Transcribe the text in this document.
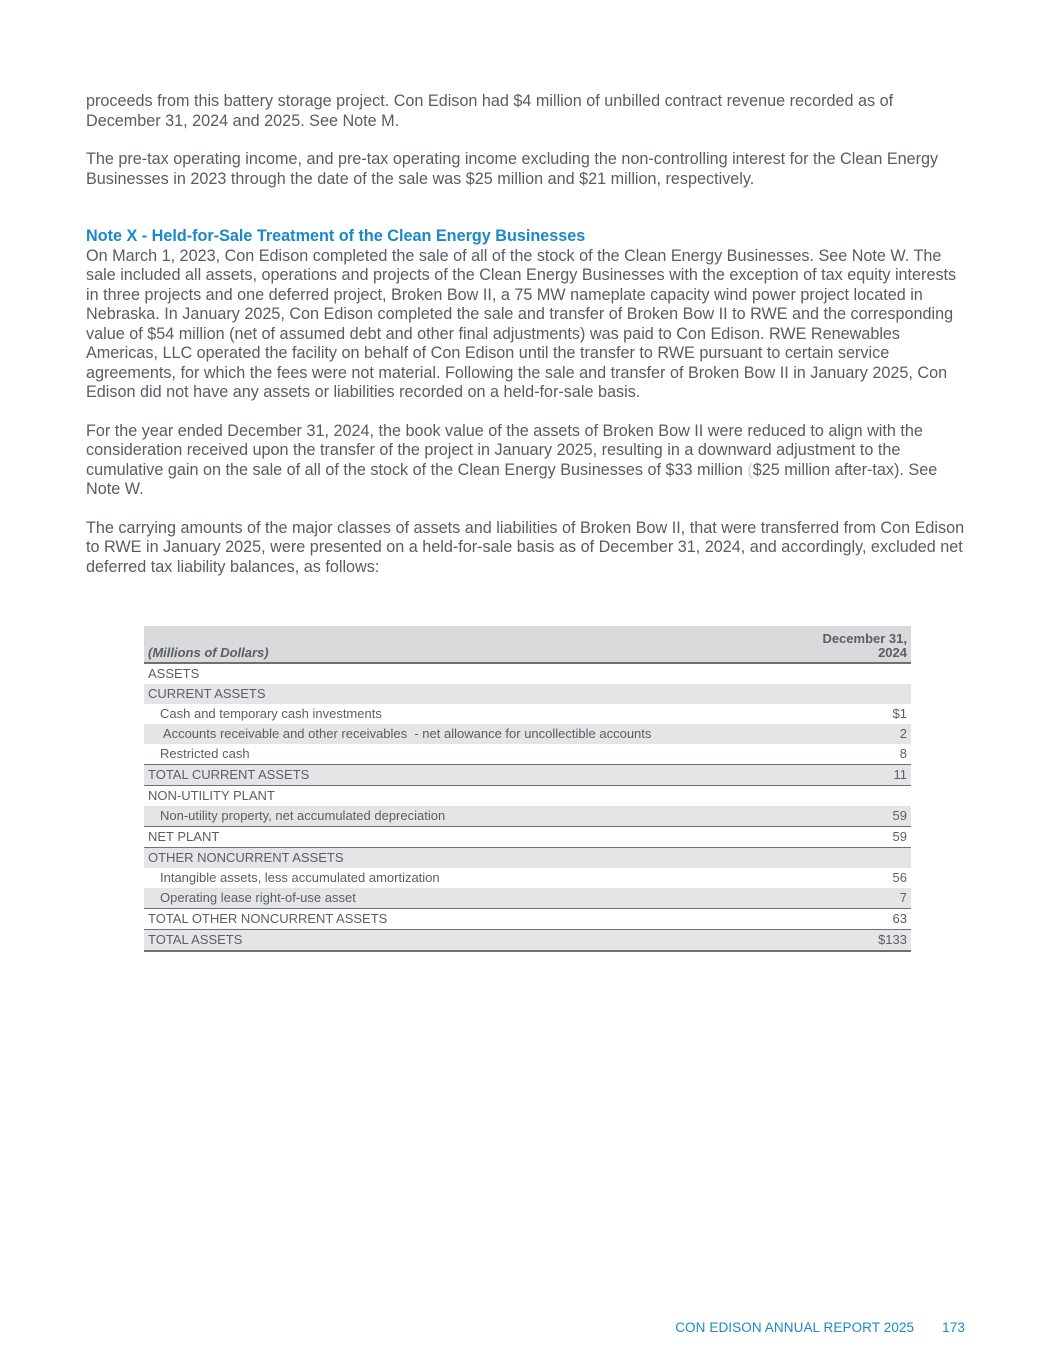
proceeds from this battery storage project. Con Edison had $4 million of unbilled contract revenue recorded as of December 31, 2024 and 2025. See Note M.

The pre-tax operating income, and pre-tax operating income excluding the non-controlling interest for the Clean Energy Businesses in 2023 through the date of the sale was $25 million and $21 million, respectively.

Note X - Held-for-Sale Treatment of the Clean Energy Businesses

On March 1, 2023, Con Edison completed the sale of all of the stock of the Clean Energy Businesses. See Note W. The sale included all assets, operations and projects of the Clean Energy Businesses with the exception of tax equity interests in three projects and one deferred project, Broken Bow II, a 75 MW nameplate capacity wind power project located in Nebraska. In January 2025, Con Edison completed the sale and transfer of Broken Bow II to RWE and the corresponding value of $54 million (net of assumed debt and other final adjustments) was paid to Con Edison. RWE Renewables Americas, LLC operated the facility on behalf of Con Edison until the transfer to RWE pursuant to certain service agreements, for which the fees were not material. Following the sale and transfer of Broken Bow II in January 2025, Con Edison did not have any assets or liabilities recorded on a held-for-sale basis.

For the year ended December 31, 2024, the book value of the assets of Broken Bow II were reduced to align with the consideration received upon the transfer of the project in January 2025, resulting in a downward adjustment to the cumulative gain on the sale of all of the stock of the Clean Energy Businesses of $33 million ($25 million after-tax). See Note W.

The carrying amounts of the major classes of assets and liabilities of Broken Bow II, that were transferred from Con Edison to RWE in January 2025, were presented on a held-for-sale basis as of December 31, 2024, and accordingly, excluded net deferred tax liability balances, as follows:

(Millions of Dollars)	December 31,
2024
ASSETS	
CURRENT ASSETS	
Cash and temporary cash investments	$1
Accounts receivable and other receivables  - net allowance for uncollectible accounts	2
Restricted cash	8
TOTAL CURRENT ASSETS	11
NON-UTILITY PLANT	
Non-utility property, net accumulated depreciation	59
NET PLANT	59
OTHER NONCURRENT ASSETS	
Intangible assets, less accumulated amortization	56
Operating lease right-of-use asset	7
TOTAL OTHER NONCURRENT ASSETS	63
TOTAL ASSETS	$133
CON EDISON ANNUAL REPORT 2025 173
